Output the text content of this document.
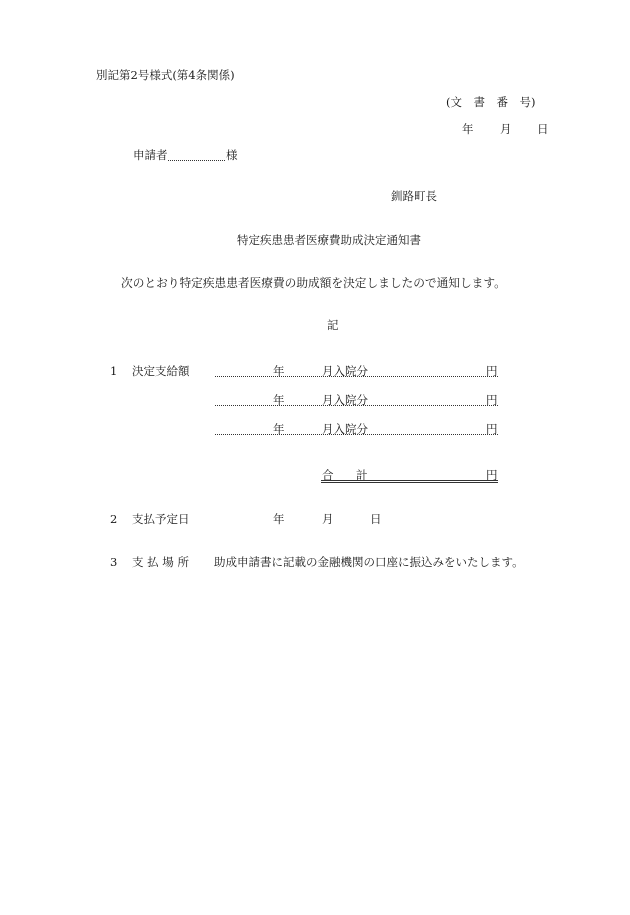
別記第2号様式(第4条関係)
(文　書　番　号)
年 月 日
申請者	様
釧路町長
特定疾患患者医療費助成決定通知書
次のとおり特定疾患患者医療費の助成額を決定しましたので通知します。
記
1 決定支給額	年	月入院分	円
年	月入院分	円
年	月入院分	円
合 計	円
2 支払予定日	年	月	日
3 支 払 場 所 助成申請書に記載の金融機関の口座に振込みをいたします。
